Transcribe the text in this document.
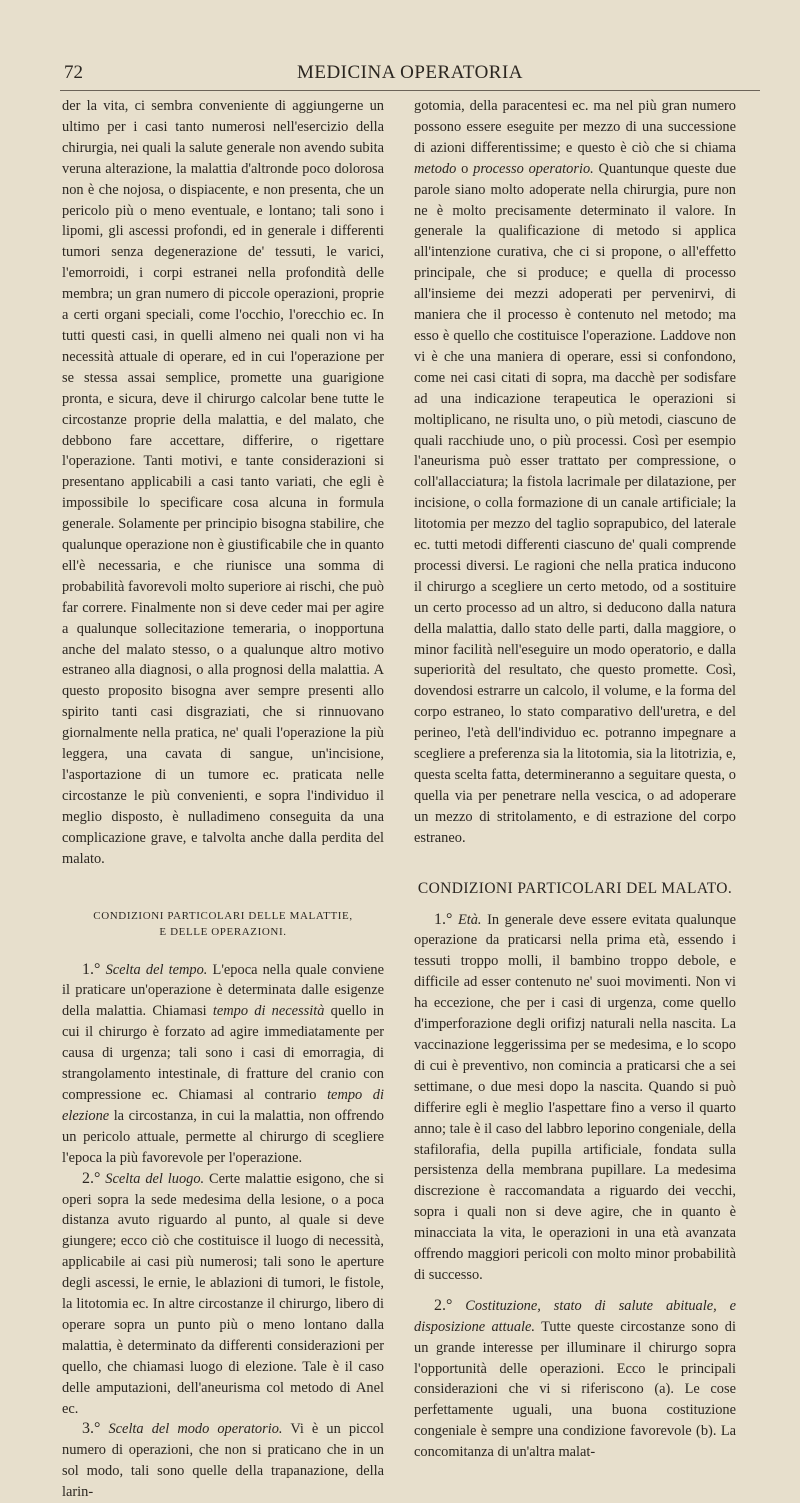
72	MEDICINA OPERATORIA

der la vita, ci sembra conveniente di aggiungerne un ultimo per i casi tanto numerosi nell'esercizio della chirurgia, nei quali la salute generale non avendo subita veruna alterazione, la malattia d'altronde poco dolorosa non è che nojosa, o dispiacente, e non presenta, che un pericolo più o meno eventuale, e lontano; tali sono i lipomi, gli ascessi profondi, ed in generale i differenti tumori senza degenerazione de' tessuti, le varici, l'emorroidi, i corpi estranei nella profondità delle membra; un gran numero di piccole operazioni, proprie a certi organi speciali, come l'occhio, l'orecchio ec. In tutti questi casi, in quelli almeno nei quali non vi ha necessità attuale di operare, ed in cui l'operazione per se stessa assai semplice, promette una guarigione pronta, e sicura, deve il chirurgo calcolar bene tutte le circostanze proprie della malattia, e del malato, che debbono fare accettare, differire, o rigettare l'operazione. Tanti motivi, e tante considerazioni si presentano applicabili a casi tanto variati, che egli è impossibile lo specificare cosa alcuna in formula generale. Solamente per principio bisogna stabilire, che qualunque operazione non è giustificabile che in quanto ell'è necessaria, e che riunisce una somma di probabilità favorevoli molto superiore ai rischi, che può far correre. Finalmente non si deve ceder mai per agire a qualunque sollecitazione temeraria, o inopportuna anche del malato stesso, o a qualunque altro motivo estraneo alla diagnosi, o alla prognosi della malattia. A questo proposito bisogna aver sempre presenti allo spirito tanti casi disgraziati, che si rinnuovano giornalmente nella pratica, ne' quali l'operazione la più leggera, una cavata di sangue, un'incisione, l'asportazione di un tumore ec. praticata nelle circostanze le più convenienti, e sopra l'individuo il meglio disposto, è nulladimeno conseguita da una complicazione grave, e talvolta anche dalla perdita del malato.

CONDIZIONI PARTICOLARI DELLE MALATTIE,
E DELLE OPERAZIONI.

1.° Scelta del tempo. L'epoca nella quale conviene il praticare un'operazione è determinata dalle esigenze della malattia. Chiamasi tempo di necessità quello in cui il chirurgo è forzato ad agire immediatamente per causa di urgenza; tali sono i casi di emorragia, di strangolamento intestinale, di fratture del cranio con compressione ec. Chiamasi al contrario tempo di elezione la circostanza, in cui la malattia, non offrendo un pericolo attuale, permette al chirurgo di scegliere l'epoca la più favorevole per l'operazione.

2.° Scelta del luogo. Certe malattie esigono, che si operi sopra la sede medesima della lesione, o a poca distanza avuto riguardo al punto, al quale si deve giungere; ecco ciò che costituisce il luogo di necessità, applicabile ai casi più numerosi; tali sono le aperture degli ascessi, le ernie, le ablazioni di tumori, le fistole, la litotomia ec. In altre circostanze il chirurgo, libero di operare sopra un punto più o meno lontano dalla malattia, è determinato da differenti considerazioni per quello, che chiamasi luogo di elezione. Tale è il caso delle amputazioni, dell'aneurisma col metodo di Anel ec.

3.° Scelta del modo operatorio. Vi è un piccol numero di operazioni, che non si praticano che in un sol modo, tali sono quelle della trapanazione, della larin-

gotomia, della paracentesi ec. ma nel più gran numero possono essere eseguite per mezzo di una successione di azioni differentissime; e questo è ciò che si chiama metodo o processo operatorio. Quantunque queste due parole siano molto adoperate nella chirurgia, pure non ne è molto precisamente determinato il valore. In generale la qualificazione di metodo si applica all'intenzione curativa, che ci si propone, o all'effetto principale, che si produce; e quella di processo all'insieme dei mezzi adoperati per pervenirvi, di maniera che il processo è contenuto nel metodo; ma esso è quello che costituisce l'operazione. Laddove non vi è che una maniera di operare, essi si confondono, come nei casi citati di sopra, ma dacchè per sodisfare ad una indicazione terapeutica le operazioni si moltiplicano, ne risulta uno, o più metodi, ciascuno de quali racchiude uno, o più processi. Così per esempio l'aneurisma può esser trattato per compressione, o coll'allacciatura; la fistola lacrimale per dilatazione, per incisione, o colla formazione di un canale artificiale; la litotomia per mezzo del taglio soprapubico, del laterale ec. tutti metodi differenti ciascuno de' quali comprende processi diversi. Le ragioni che nella pratica inducono il chirurgo a scegliere un certo metodo, od a sostituire un certo processo ad un altro, si deducono dalla natura della malattia, dallo stato delle parti, dalla maggiore, o minor facilità nell'eseguire un modo operatorio, e dalla superiorità del resultato, che questo promette. Così, dovendosi estrarre un calcolo, il volume, e la forma del corpo estraneo, lo stato comparativo dell'uretra, e del perineo, l'età dell'individuo ec. potranno impegnare a scegliere a preferenza sia la litotomia, sia la litotrizia, e, questa scelta fatta, determineranno a seguitare questa, o quella via per penetrare nella vescica, o ad adoperare un mezzo di stritolamento, e di estrazione del corpo estraneo.

CONDIZIONI PARTICOLARI DEL MALATO.

1.° Età. In generale deve essere evitata qualunque operazione da praticarsi nella prima età, essendo i tessuti troppo molli, il bambino troppo debole, e difficile ad esser contenuto ne' suoi movimenti. Non vi ha eccezione, che per i casi di urgenza, come quello d'imperforazione degli orifizj naturali nella nascita. La vaccinazione leggerissima per se medesima, e lo scopo di cui è preventivo, non comincia a praticarsi che a sei settimane, o due mesi dopo la nascita. Quando si può differire egli è meglio l'aspettare fino a verso il quarto anno; tale è il caso del labbro leporino congeniale, della stafilorafia, della pupilla artificiale, fondata sulla persistenza della membrana pupillare. La medesima discrezione è raccomandata a riguardo dei vecchi, sopra i quali non si deve agire, che in quanto è minacciata la vita, le operazioni in una età avanzata offrendo maggiori pericoli con molto minor probabilità di successo.

2.° Costituzione, stato di salute abituale, e disposizione attuale. Tutte queste circostanze sono di un grande interesse per illuminare il chirurgo sopra l'opportunità delle operazioni. Ecco le principali considerazioni che vi si riferiscono (a). Le cose perfettamente uguali, una buona costituzione congeniale è sempre una condizione favorevole (b). La concomitanza di un'altra malat-
